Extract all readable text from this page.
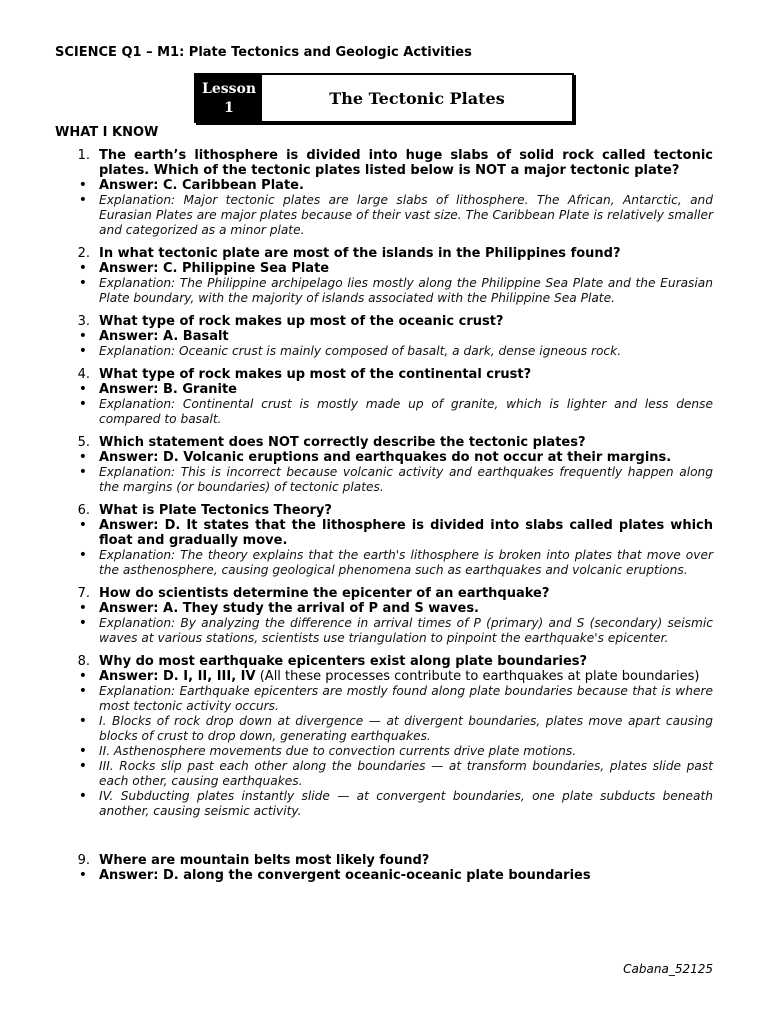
SCIENCE Q1 – M1: Plate Tectonics and Geologic Activities
Lesson
1
The Tectonic Plates
WHAT I KNOW
1. The earth’s lithosphere is divided into huge slabs of solid rock called tectonic plates. Which of the tectonic plates listed below is NOT a major tectonic plate?
• Answer: C. Caribbean Plate.
• Explanation: Major tectonic plates are large slabs of lithosphere. The African, Antarctic, and Eurasian Plates are major plates because of their vast size. The Caribbean Plate is relatively smaller and categorized as a minor plate.
2. In what tectonic plate are most of the islands in the Philippines found?
• Answer: C. Philippine Sea Plate
• Explanation: The Philippine archipelago lies mostly along the Philippine Sea Plate and the Eurasian Plate boundary, with the majority of islands associated with the Philippine Sea Plate.
3. What type of rock makes up most of the oceanic crust?
• Answer: A. Basalt
• Explanation: Oceanic crust is mainly composed of basalt, a dark, dense igneous rock.
4. What type of rock makes up most of the continental crust?
• Answer: B. Granite
• Explanation: Continental crust is mostly made up of granite, which is lighter and less dense compared to basalt.
5. Which statement does NOT correctly describe the tectonic plates?
• Answer: D. Volcanic eruptions and earthquakes do not occur at their margins.
• Explanation: This is incorrect because volcanic activity and earthquakes frequently happen along the margins (or boundaries) of tectonic plates.
6. What is Plate Tectonics Theory?
• Answer: D. It states that the lithosphere is divided into slabs called plates which float and gradually move.
• Explanation: The theory explains that the earth's lithosphere is broken into plates that move over the asthenosphere, causing geological phenomena such as earthquakes and volcanic eruptions.
7. How do scientists determine the epicenter of an earthquake?
• Answer: A. They study the arrival of P and S waves.
• Explanation: By analyzing the difference in arrival times of P (primary) and S (secondary) seismic waves at various stations, scientists use triangulation to pinpoint the earthquake's epicenter.
8. Why do most earthquake epicenters exist along plate boundaries?
• Answer: D. I, II, III, IV (All these processes contribute to earthquakes at plate boundaries)
• Explanation: Earthquake epicenters are mostly found along plate boundaries because that is where most tectonic activity occurs.
• I. Blocks of rock drop down at divergence — at divergent boundaries, plates move apart causing blocks of crust to drop down, generating earthquakes.
• II. Asthenosphere movements due to convection currents drive plate motions.
• III. Rocks slip past each other along the boundaries — at transform boundaries, plates slide past each other, causing earthquakes.
• IV. Subducting plates instantly slide — at convergent boundaries, one plate subducts beneath another, causing seismic activity.
9. Where are mountain belts most likely found?
• Answer: D. along the convergent oceanic-oceanic plate boundaries
Cabana_52125
